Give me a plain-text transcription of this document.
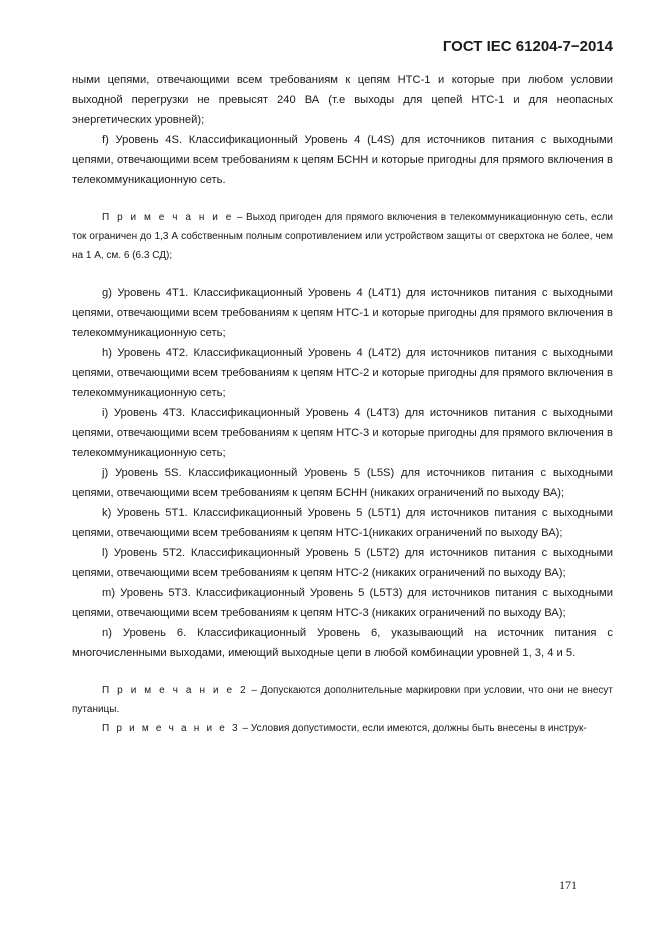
ГОСТ IEC 61204-7−2014

ными цепями, отвечающими всем требованиям к цепям НТС-1 и которые при любом условии выходной перегрузки не превысят 240 ВА (т.е выходы для цепей НТС-1 и для неопасных энергетических уровней);

f) Уровень 4S. Классификационный Уровень 4 (L4S) для источников питания с выходными цепями, отвечающими всем требованиям к цепям БСНН и которые пригодны для прямого включения в телекоммуникационную сеть.

П р и м е ч а н и е – Выход пригоден для прямого включения в телекоммуникационную сеть, если ток ограничен до 1,3 А собственным полным сопротивлением или устройством защиты от сверхтока не более, чем на 1 А, см. 6 (6.3 СД);

g) Уровень 4Т1. Классификационный Уровень 4 (L4T1) для источников питания с выходными цепями, отвечающими всем требованиям к цепям НТС-1 и которые пригодны для прямого включения в телекоммуникационную сеть;

h) Уровень 4Т2. Классификационный Уровень 4 (L4T2) для источников питания с выходными цепями, отвечающими всем требованиям к цепям НТС-2 и которые пригодны для прямого включения в телекоммуникационную сеть;

i) Уровень 4Т3. Классификационный Уровень 4 (L4T3) для источников питания с выходными цепями, отвечающими всем требованиям к цепям НТС-3 и которые пригодны для прямого включения в телекоммуникационную сеть;

j) Уровень 5S. Классификационный Уровень 5 (L5S) для источников питания с выходными цепями, отвечающими всем требованиям к цепям БСНН (никаких ограничений по выходу ВА);

k) Уровень 5Т1. Классификационный Уровень 5 (L5T1) для источников питания с выходными цепями, отвечающими всем требованиям к цепям НТС-1(никаких ограничений по выходу ВА);

l) Уровень 5Т2. Классификационный Уровень 5 (L5T2) для источников питания с выходными цепями, отвечающими всем требованиям к цепям НТС-2 (никаких ограничений по выходу ВА);

m) Уровень 5Т3. Классификационный Уровень 5 (L5T3) для источников питания с выходными цепями, отвечающими всем требованиям к цепям НТС-3 (никаких ограничений по выходу ВА);

n) Уровень 6. Классификационный Уровень 6, указывающий на источник питания с многочисленными выходами, имеющий выходные цепи в любой комбинации уровней 1, 3, 4 и 5.

П р и м е ч а н и е 2 – Допускаются дополнительные маркировки при условии, что они не внесут путаницы.

П р и м е ч а н и е 3 – Условия допустимости, если имеются, должны быть внесены в инструк-

171
